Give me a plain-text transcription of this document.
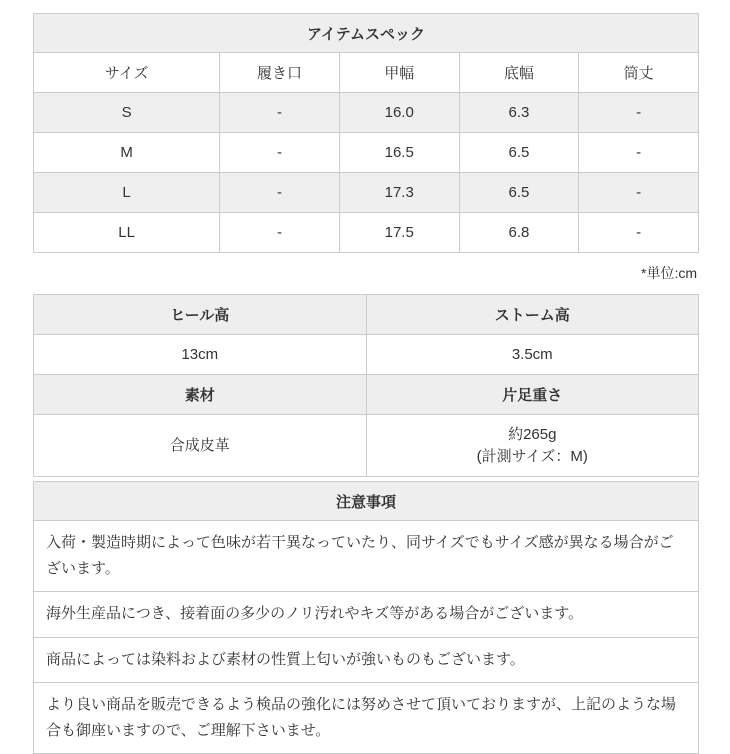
アイテムスペック				
サイズ	履き口	甲幅	底幅	筒丈
S	-	16.0	6.3	-
M	-	16.5	6.5	-
L	-	17.3	6.5	-
LL	-	17.5	6.8	-
*単位:cm
ヒール高	ストーム高
13cm	3.5cm
素材	片足重さ
合成皮革	約265g
(計測サイズ：M)
注意事項
入荷・製造時期によって色味が若干異なっていたり、同サイズでもサイズ感が異なる場合がございます。
海外生産品につき、接着面の多少のノリ汚れやキズ等がある場合がございます。
商品によっては染料および素材の性質上匂いが強いものもございます。
より良い商品を販売できるよう検品の強化には努めさせて頂いておりますが、上記のような場合も御座いますので、ご理解下さいませ。
